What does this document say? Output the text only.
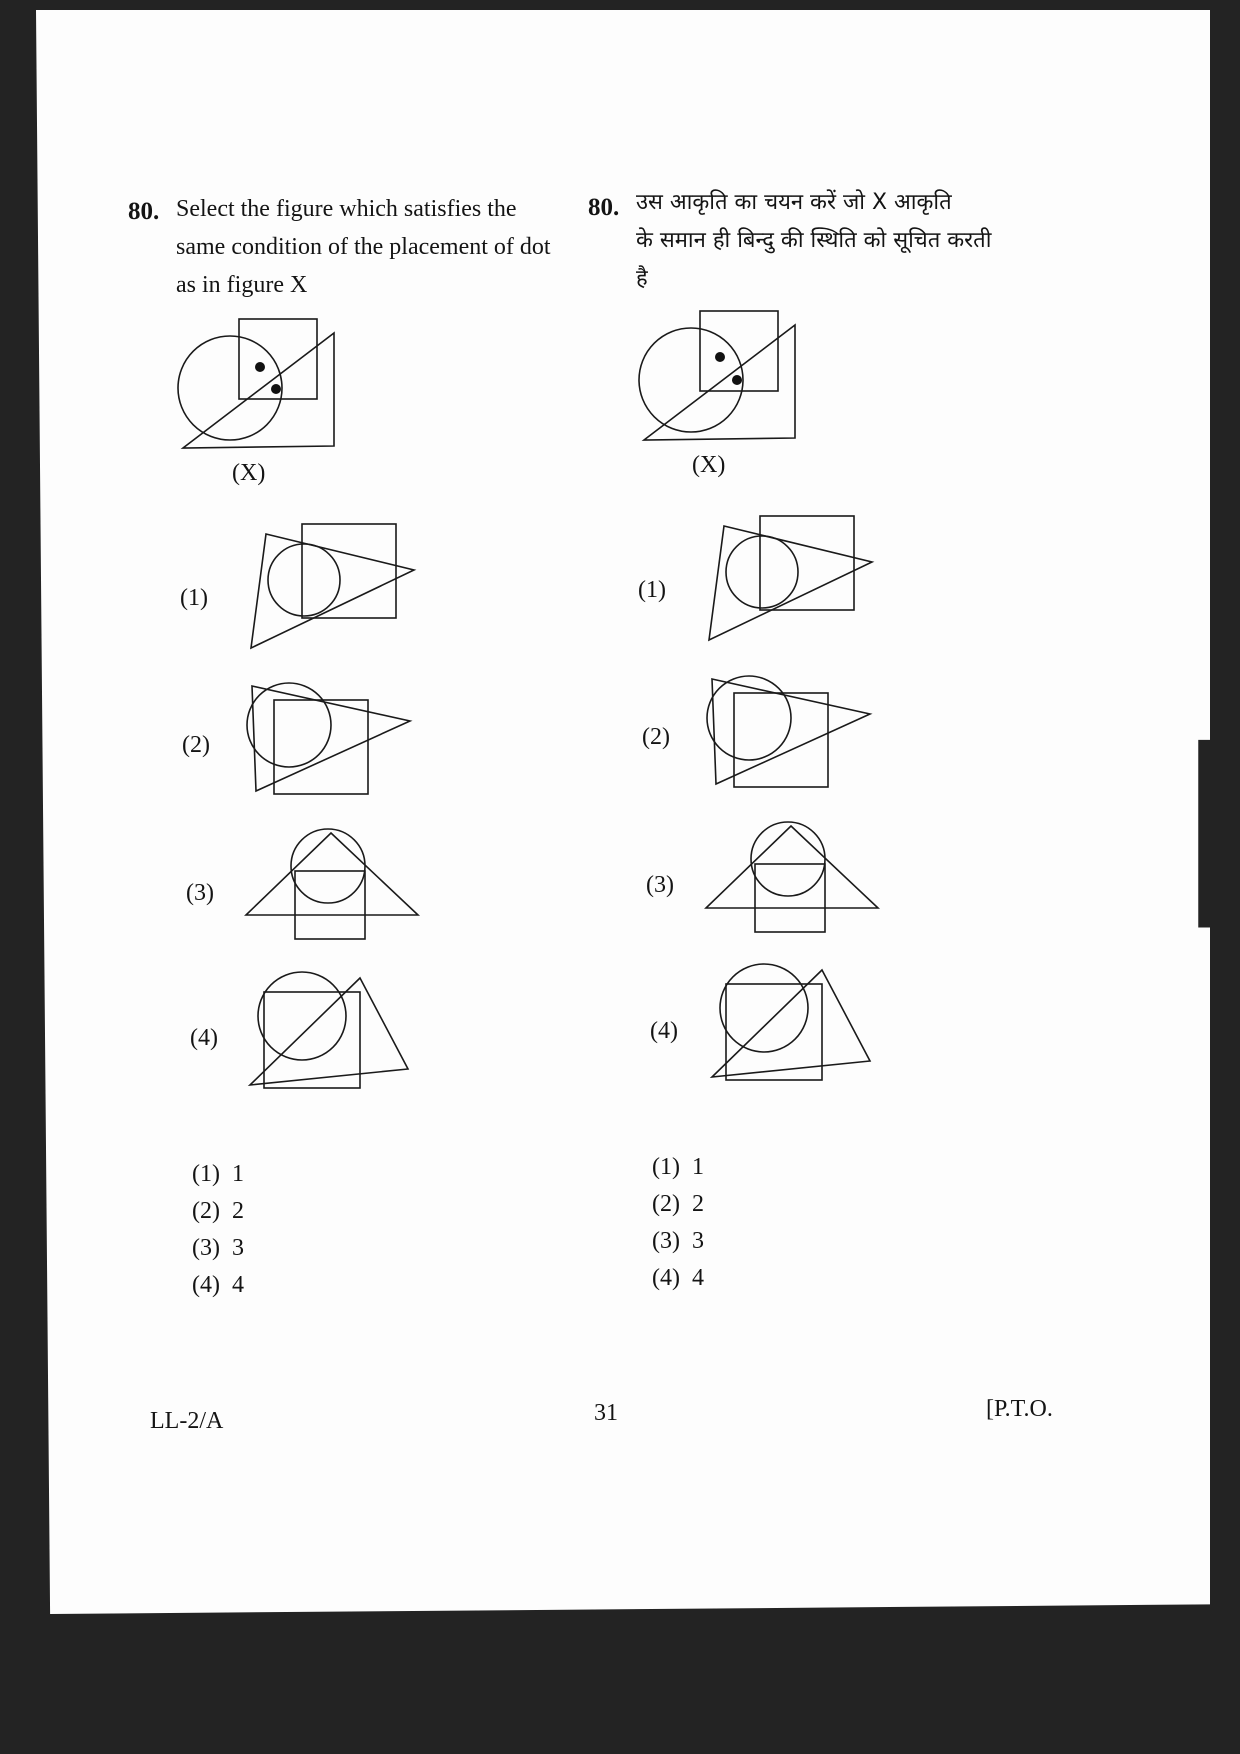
80. Select the figure which satisfies the
same condition of the placement of dot
as in figure X
80. उस आकृति का चयन करें जो X आकृति
के समान ही बिन्दु की स्थिति को सूचित करती
है
(X)
(1)
(2)
(3)
(4)
(X)
(1)
(2)
(3)
(4)
(1) 1
(2) 2
(3) 3
(4) 4
(1) 1
(2) 2
(3) 3
(4) 4
LL-2/A	31	[P.T.O.
